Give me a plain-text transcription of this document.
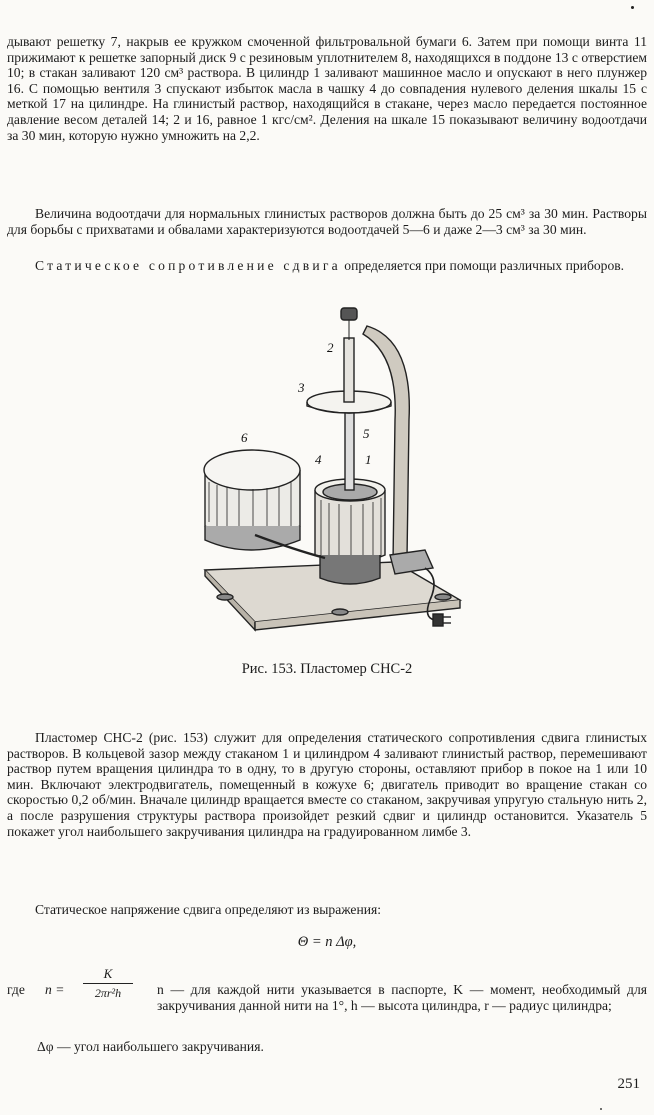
дывают решетку 7, накрыв ее кружком смоченной фильтровальной бумаги 6. Затем при помощи винта 11 прижимают к решетке запорный диск 9 с резиновым уплотнителем 8, находящихся в поддоне 13 с отверстием 10; в стакан заливают 120 см³ раствора. В цилиндр 1 заливают машинное масло и опускают в него плунжер 16. С помощью вентиля 3 спускают избыток масла в чашку 4 до совпадения нулевого деления шкалы 15 с меткой 17 на цилиндре. На глинистый раствор, находящийся в стакане, через масло передается постоянное давление весом деталей 14; 2 и 16, равное 1 кгс/см². Деления на шкале 15 показывают величину водоотдачи за 30 мин, которую нужно умножить на 2,2.

Величина водоотдачи для нормальных глинистых растворов должна быть до 25 см³ за 30 мин. Растворы для борьбы с прихватами и обвалами характеризуются водоотдачей 5—6 и даже 2—3 см³ за 30 мин.

Статическое сопротивление сдвига определяется при помощи различных приборов.

2
3
5
6
4	1
Рис. 153. Пластомер СНС-2

Пластомер СНС-2 (рис. 153) служит для определения статического сопротивления сдвига глинистых растворов. В кольцевой зазор между стаканом 1 и цилиндром 4 заливают глинистый раствор, перемешивают раствор путем вращения цилиндра то в одну, то в другую стороны, оставляют прибор в покое на 1 или 10 мин. Включают электродвигатель, помещенный в кожухе 6; двигатель приводит во вращение стакан со скоростью 0,2 об/мин. Вначале цилиндр вращается вместе со стаканом, закручивая упругую стальную нить 2, а после разрушения структуры раствора произойдет резкий сдвиг и цилиндр остановится. Указатель 5 покажет угол наибольшего закручивания цилиндра на градуированном лимбе 3.

Статическое напряжение сдвига определяют из выражения:

Θ = n Δφ,
где n =
K
2πr²h	n — для каждой нити указывается в паспорте, K — момент, необходимый для закручивания данной нити на 1°, h — высота цилиндра, r — радиус цилиндра;
Δφ — угол наибольшего закручивания.
251
